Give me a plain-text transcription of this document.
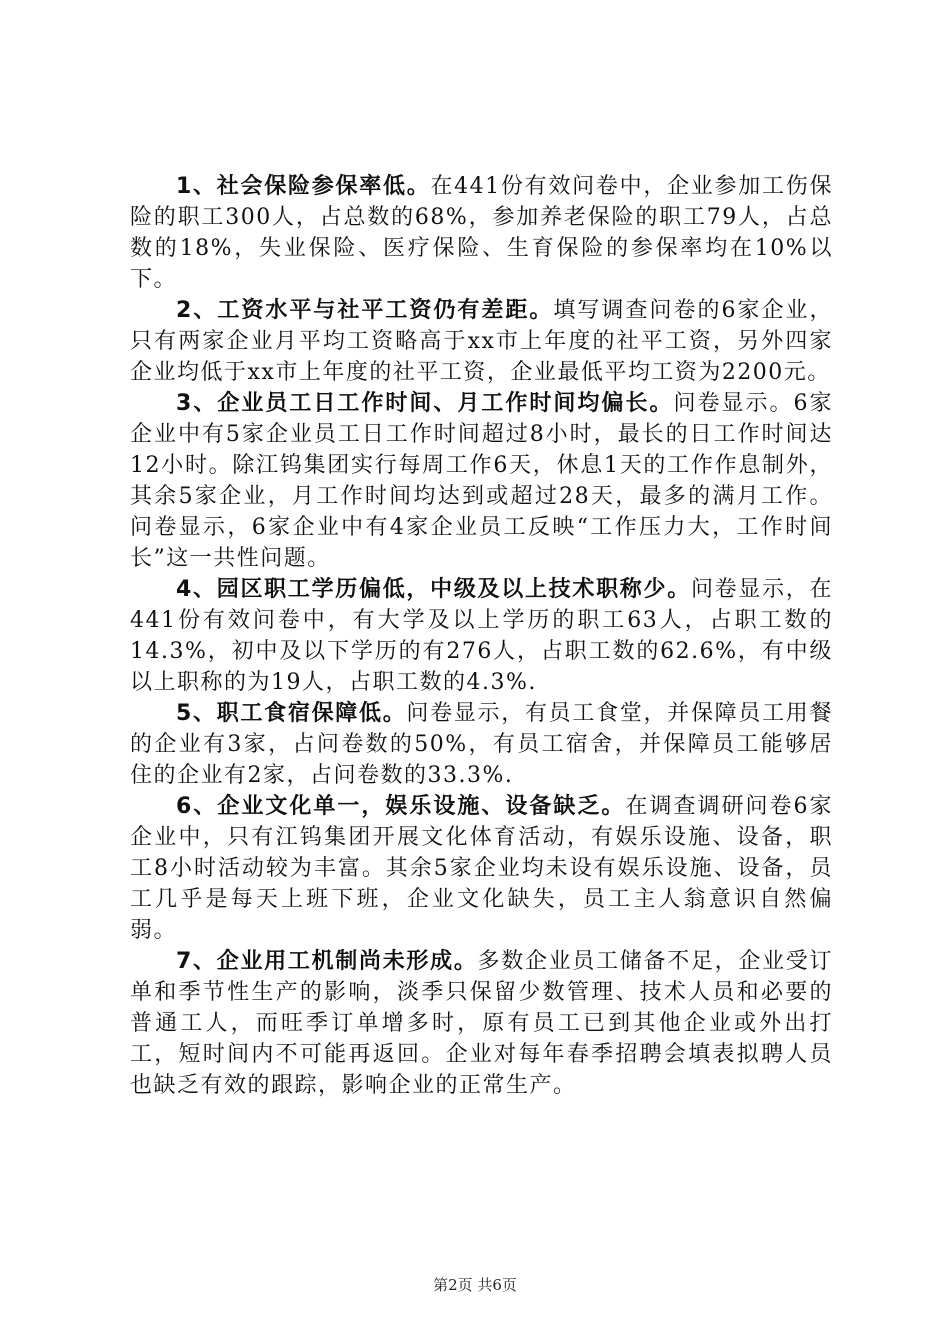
1、社会保险参保率低。在441份有效问卷中，企业参加工伤保险的职工300人，占总数的68%，参加养老保险的职工79人，占总数的18%，失业保险、医疗保险、生育保险的参保率均在10%以下。

2、工资水平与社平工资仍有差距。填写调查问卷的6家企业，只有两家企业月平均工资略高于xx市上年度的社平工资，另外四家企业均低于xx市上年度的社平工资，企业最低平均工资为2200元。

3、企业员工日工作时间、月工作时间均偏长。问卷显示。6家企业中有5家企业员工日工作时间超过8小时，最长的日工作时间达12小时。除江钨集团实行每周工作6天，休息1天的工作作息制外，其余5家企业，月工作时间均达到或超过28天，最多的满月工作。问卷显示，6家企业中有4家企业员工反映“工作压力大，工作时间长”这一共性问题。

4、园区职工学历偏低，中级及以上技术职称少。问卷显示，在441份有效问卷中，有大学及以上学历的职工63人，占职工数的14.3%，初中及以下学历的有276人，占职工数的62.6%，有中级以上职称的为19人，占职工数的4.3%.

5、职工食宿保障低。问卷显示，有员工食堂，并保障员工用餐的企业有3家，占问卷数的50%，有员工宿舍，并保障员工能够居住的企业有2家，占问卷数的33.3%.

6、企业文化单一，娱乐设施、设备缺乏。在调查调研问卷6家企业中，只有江钨集团开展文化体育活动，有娱乐设施、设备，职工8小时活动较为丰富。其余5家企业均未设有娱乐设施、设备，员工几乎是每天上班下班，企业文化缺失，员工主人翁意识自然偏弱。

7、企业用工机制尚未形成。多数企业员工储备不足，企业受订单和季节性生产的影响，淡季只保留少数管理、技术人员和必要的普通工人，而旺季订单增多时，原有员工已到其他企业或外出打工，短时间内不可能再返回。企业对每年春季招聘会填表拟聘人员也缺乏有效的跟踪，影响企业的正常生产。

第2页 共6页
